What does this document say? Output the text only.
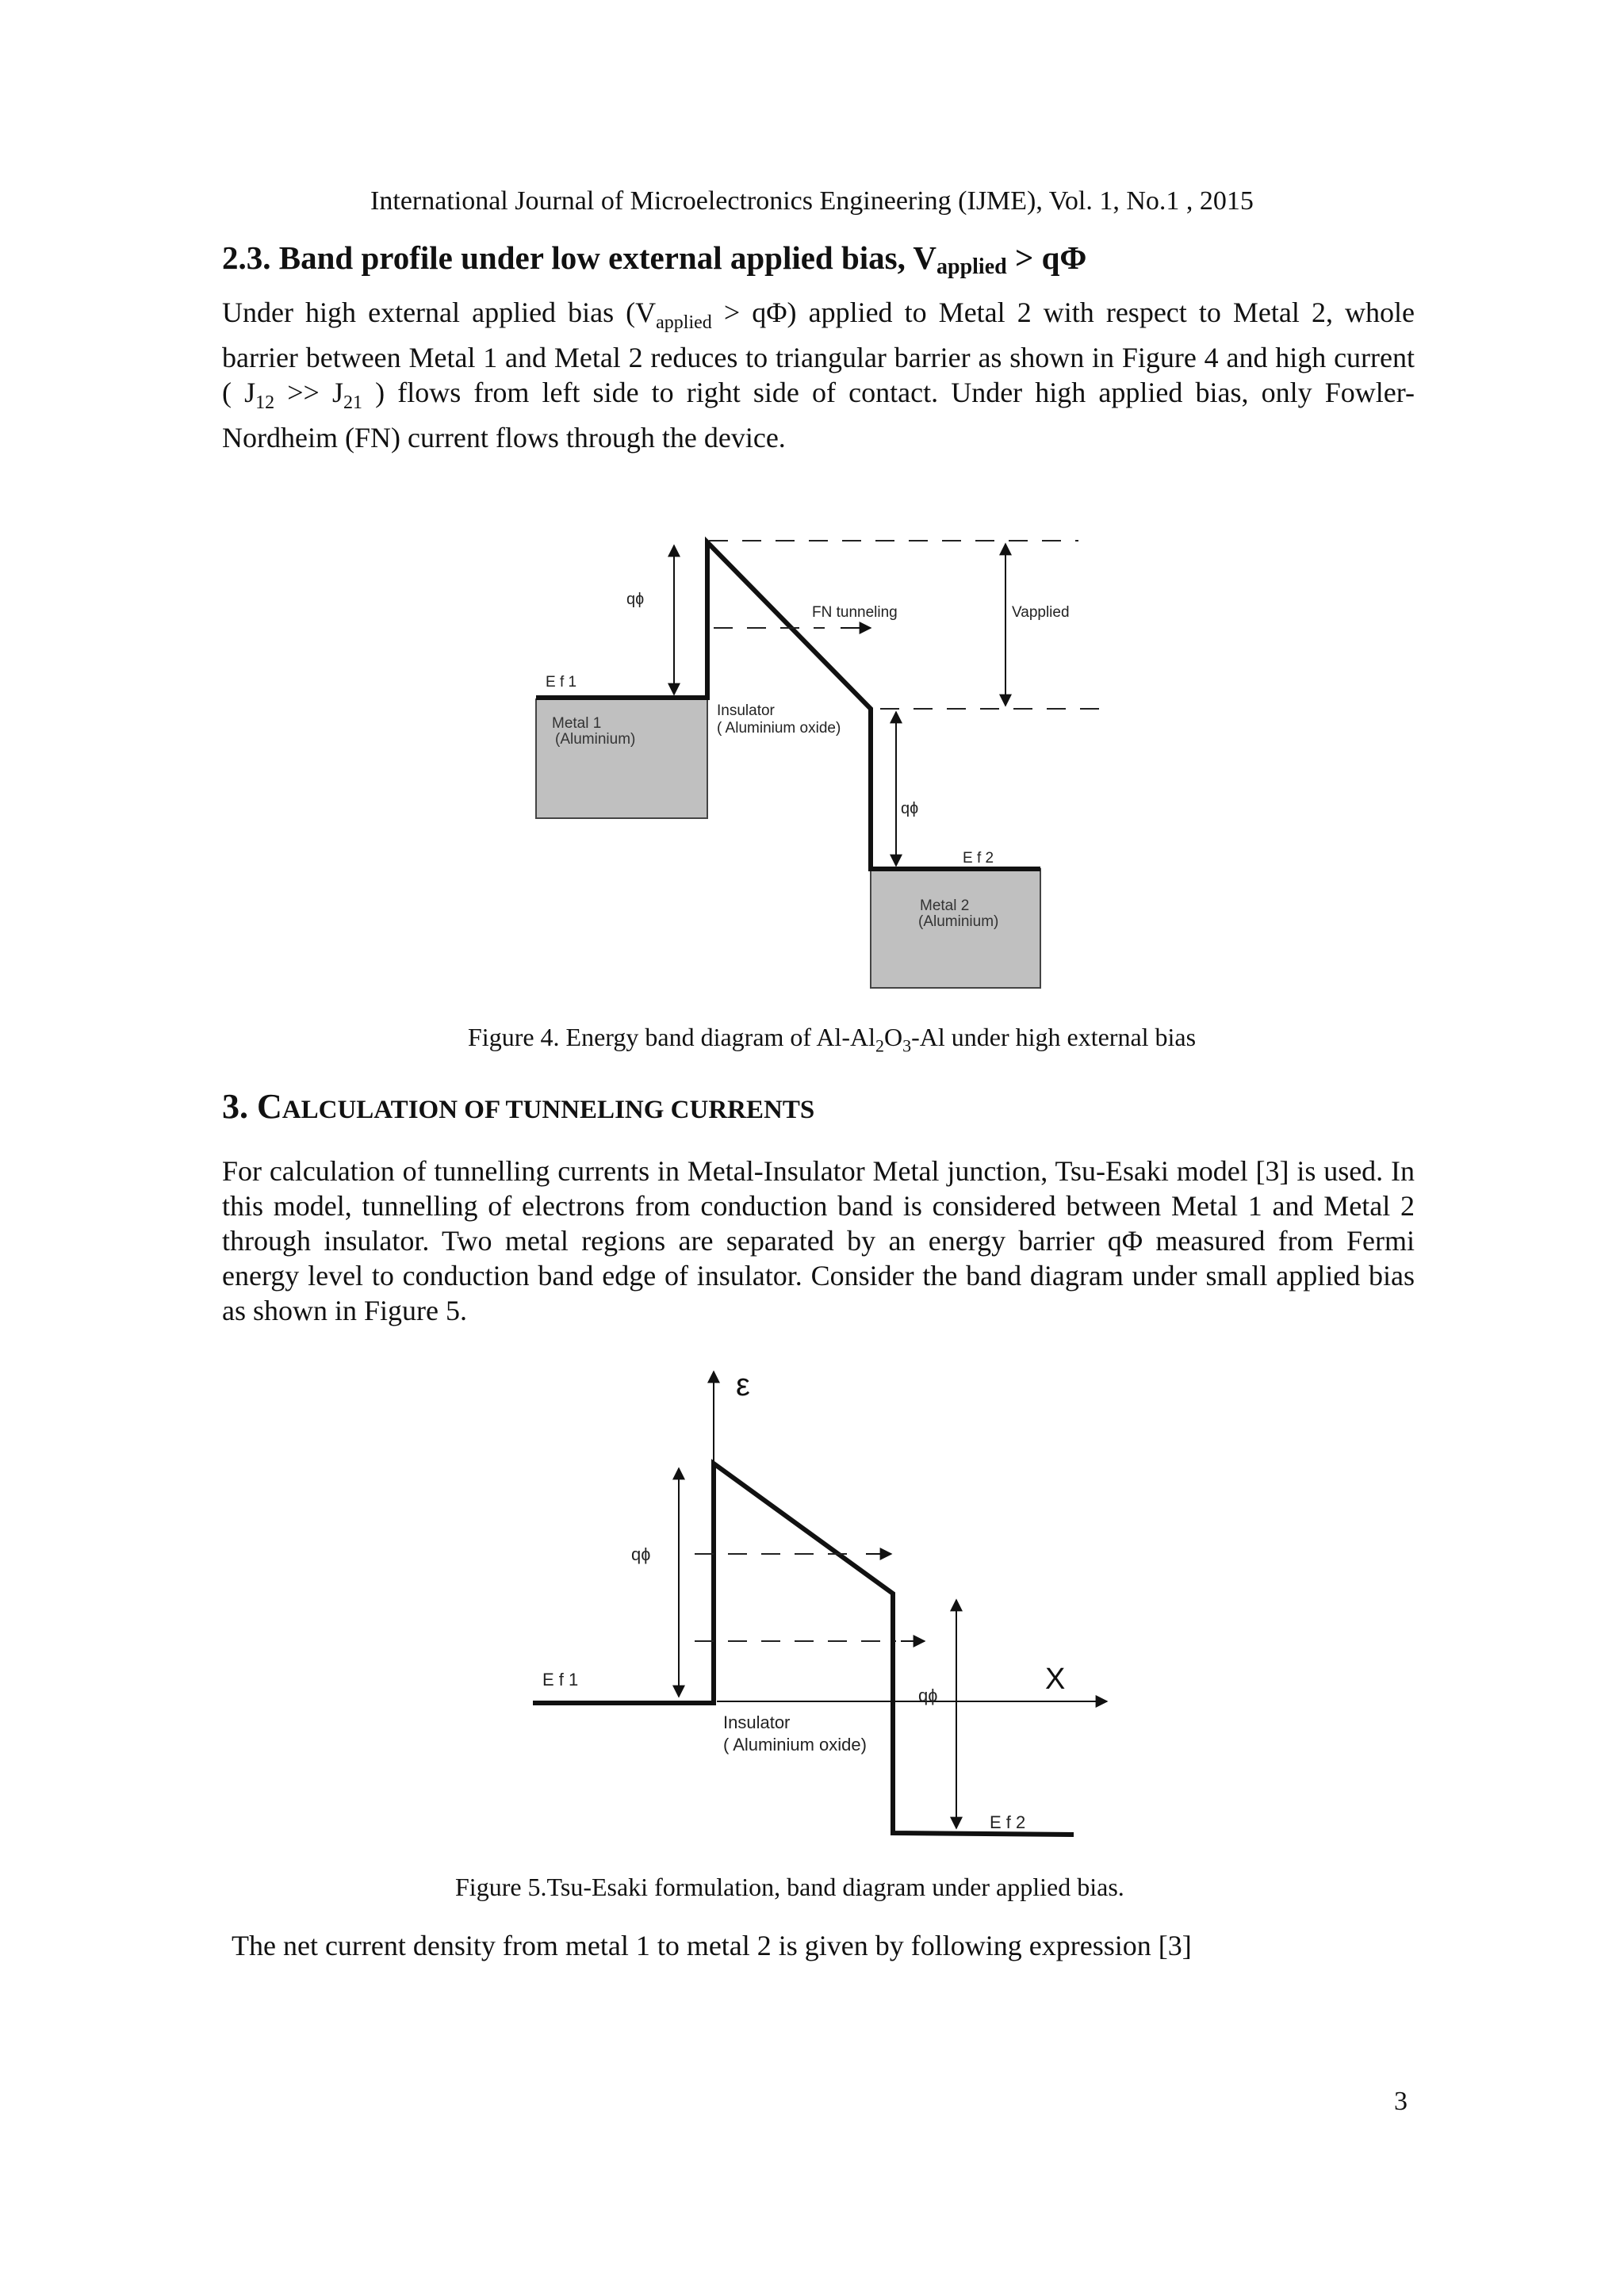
International Journal of Microelectronics Engineering (IJME), Vol. 1, No.1 , 2015
2.3. Band profile under low external applied bias, $V_{applied} > q\Phi$
Under high external applied bias $(V_{applied} > q\Phi)$ applied to Metal 2 with respect to Metal 2, whole barrier between Metal 1 and Metal 2 reduces to triangular barrier as shown in Figure 4 and high current ( $J_{12} >> J_{21}$ ) flows from left side to right side of contact. Under high applied bias, only Fowler-Nordheim (FN) current flows through the device.
qɸ
FN tunneling	Vapplied
E f 1
Insulator
( Aluminium oxide)
Metal 1
(Aluminium)
qɸ
E f 2
Metal 2
(Aluminium)
Figure 4. Energy band diagram of $Al-Al_2O_3-Al$ under high external bias
3. CALCULATION OF TUNNELING CURRENTS
For calculation of tunnelling currents in Metal-Insulator Metal junction, Tsu-Esaki model [3] is used. In this model, tunnelling of electrons from conduction band is considered between Metal 1 and Metal 2 through insulator. Two metal regions are separated by an energy barrier qΦ measured from Fermi energy level to conduction band edge of insulator. Consider the band diagram under small applied bias as shown in Figure 5.
ε
qɸ
E f 1	X
qɸ
Insulator
( Aluminium oxide)
E f 2
Figure 5.Tsu-Esaki formulation, band diagram under applied bias.
The net current density from metal 1 to metal 2 is given by following expression [3]
3
